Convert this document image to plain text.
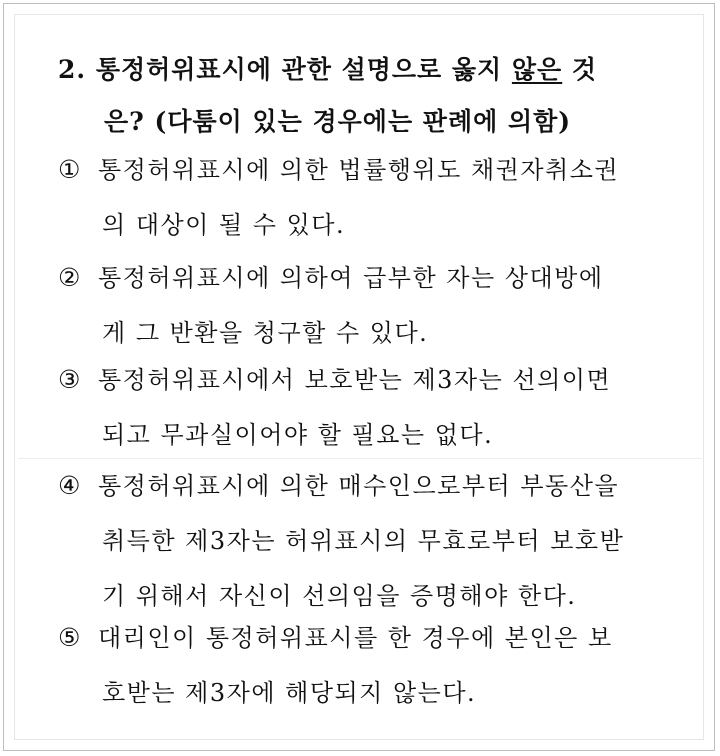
2. 통정허위표시에 관한 설명으로 옳지 않은 것
은? (다툼이 있는 경우에는 판례에 의함)
① 통정허위표시에 의한 법률행위도 채권자취소권
의 대상이 될 수 있다.
② 통정허위표시에 의하여 급부한 자는 상대방에
게 그 반환을 청구할 수 있다.
③ 통정허위표시에서 보호받는 제3자는 선의이면
되고 무과실이어야 할 필요는 없다.
④ 통정허위표시에 의한 매수인으로부터 부동산을
취득한 제3자는 허위표시의 무효로부터 보호받
기 위해서 자신이 선의임을 증명해야 한다.
⑤ 대리인이 통정허위표시를 한 경우에 본인은 보
호받는 제3자에 해당되지 않는다.
